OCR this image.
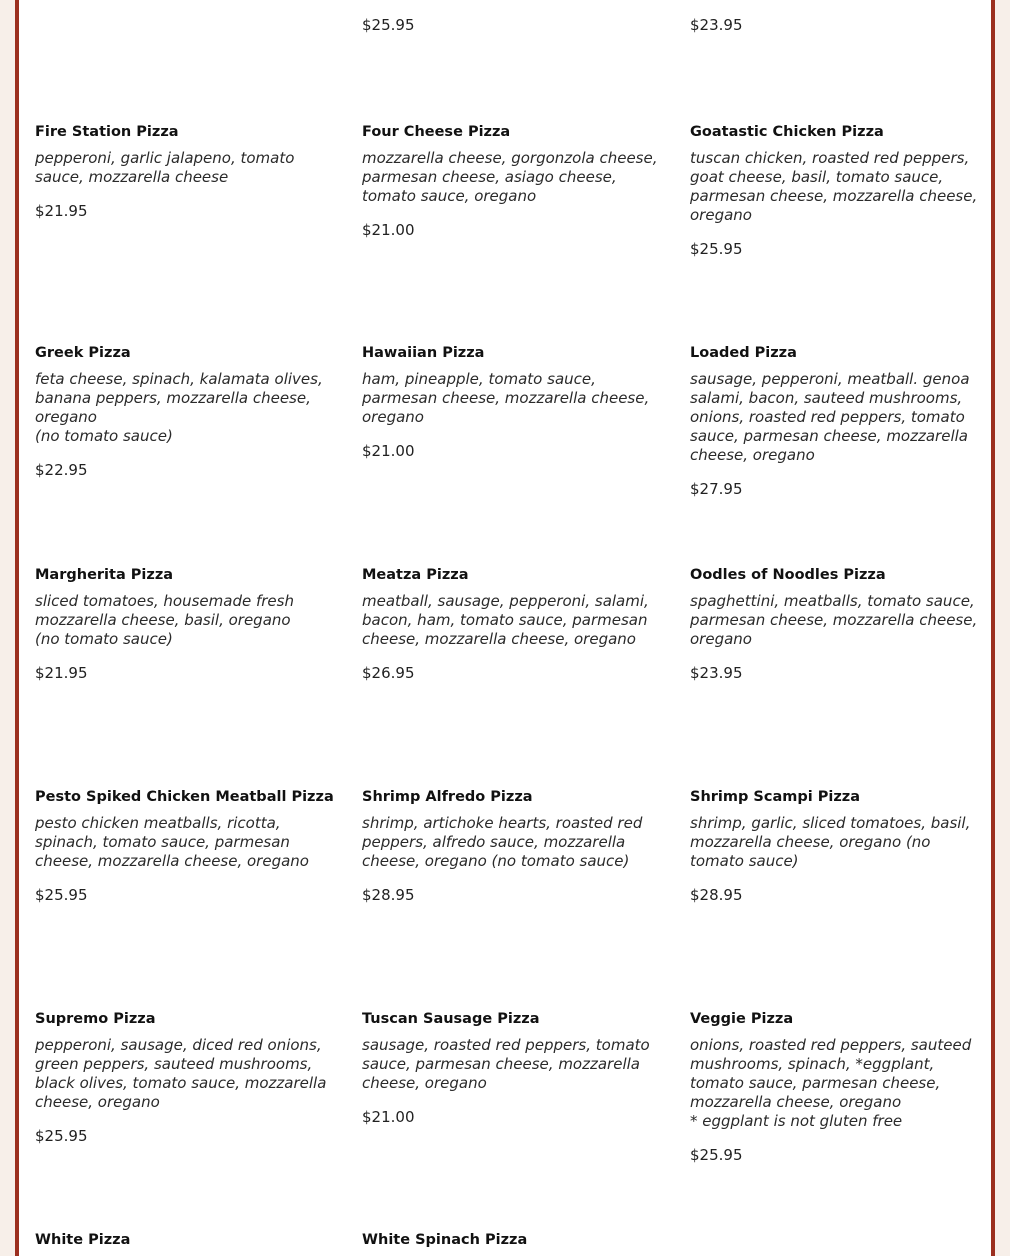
$25.95	$23.95
Fire Station Pizza
pepperoni, garlic jalapeno, tomato sauce, mozzarella cheese
$21.95
Four Cheese Pizza
mozzarella cheese, gorgonzola cheese, parmesan cheese, asiago cheese, tomato sauce, oregano
$21.00
Goatastic Chicken Pizza
tuscan chicken, roasted red peppers, goat cheese, basil, tomato sauce, parmesan cheese, mozzarella cheese, oregano
$25.95
Greek Pizza
feta cheese, spinach, kalamata olives, banana peppers, mozzarella cheese, oregano
(no tomato sauce)
$22.95
Hawaiian Pizza
ham, pineapple, tomato sauce, parmesan cheese, mozzarella cheese, oregano
$21.00
Loaded Pizza
sausage, pepperoni, meatball. genoa salami, bacon, sauteed mushrooms, onions, roasted red peppers, tomato sauce, parmesan cheese, mozzarella cheese, oregano
$27.95
Margherita Pizza
sliced tomatoes, housemade fresh mozzarella cheese, basil, oregano
(no tomato sauce)
$21.95
Meatza Pizza
meatball, sausage, pepperoni, salami, bacon, ham, tomato sauce, parmesan cheese, mozzarella cheese, oregano
$26.95
Oodles of Noodles Pizza
spaghettini, meatballs, tomato sauce, parmesan cheese, mozzarella cheese, oregano
$23.95
Pesto Spiked Chicken Meatball Pizza
pesto chicken meatballs, ricotta, spinach, tomato sauce, parmesan cheese, mozzarella cheese, oregano
$25.95
Shrimp Alfredo Pizza
shrimp, artichoke hearts, roasted red peppers, alfredo sauce, mozzarella cheese, oregano (no tomato sauce)
$28.95
Shrimp Scampi Pizza
shrimp, garlic, sliced tomatoes, basil, mozzarella cheese, oregano (no tomato sauce)
$28.95
Supremo Pizza
pepperoni, sausage, diced red onions, green peppers, sauteed mushrooms, black olives, tomato sauce, mozzarella cheese, oregano
$25.95
Tuscan Sausage Pizza
sausage, roasted red peppers, tomato sauce, parmesan cheese, mozzarella cheese, oregano
$21.00
Veggie Pizza
onions, roasted red peppers, sauteed mushrooms, spinach, *eggplant, tomato sauce, parmesan cheese, mozzarella cheese, oregano
* eggplant is not gluten free
$25.95
White Pizza	White Spinach Pizza
